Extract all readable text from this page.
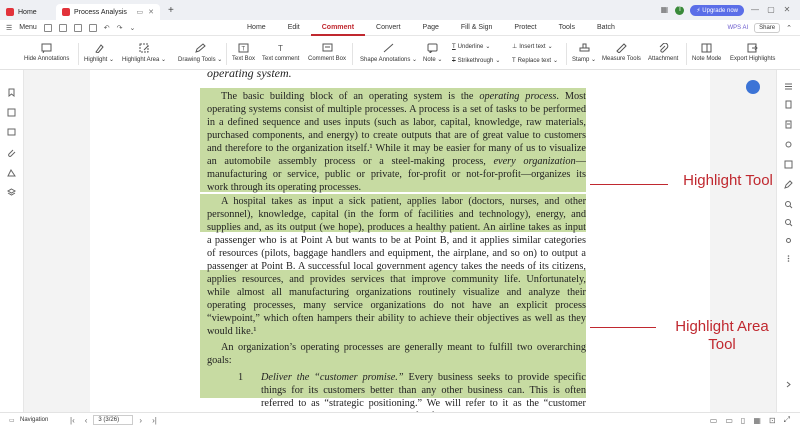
Home	Process Analysis	▭ ✕ +	▦	T	⚡ Upgrade now	— ▢ ✕
☰ Menu	↶ ↷ ⌄	Home	Edit	Comment	Convert	Page	Fill & Sign	Protect	Tools	Batch	WPS AI	Share	⌃
Hide Annotations Highlight ⌄ Highlight Area ⌄ Drawing Tools ⌄
T
Text Box
T
Text comment Comment Box Shape Annotations ⌄ Note ⌄
T Underline ⌄
T Strikethrough ⌄
⊥ Insert text ⌄
T Replace text ⌄ Stamp ⌄ Measure Tools Attachment Note Mode Export Highlights
operating system.
The basic building block of an operating system is the operating process. Most
operating systems consist of multiple processes. A process is a set of tasks to be performed
in a defined sequence and uses inputs (such as labor, capital, knowledge, raw materials,
purchased components, and energy) to create outputs that are of great value to customers
and therefore to the organization itself.¹ While it may be easier for many of us to visualize
an automobile assembly process or a steel-making process, every organization—
manufacturing or service, public or private, for-profit or not-for-profit—organizes its
work through its operating processes.
A hospital takes as input a sick patient, applies labor (doctors, nurses, and other
personnel), knowledge, capital (in the form of facilities and technology), energy, and
supplies and, as its output (we hope), produces a healthy patient. An airline takes as input
a passenger who is at Point A but wants to be at Point B, and it applies similar categories
of resources (pilots, baggage handlers and equipment, the airplane, and so on) to output a
passenger at Point B. A successful local government agency takes the needs of its citizens,
applies resources, and provides services that improve community life. Unfortunately,
while almost all manufacturing organizations routinely visualize and analyze their
operating processes, many service organizations do not have an explicit process
“viewpoint,” which often hampers their ability to achieve their objectives as well as they
would like.¹
An organization’s operating processes are generally meant to fulfill two overarching
goals:
Deliver the “customer promise.” Every business seeks to provide specific
things for its customers better than any other business can. This is often
referred to as “strategic positioning.” We will refer to it as the “customer
1
Highlight Tool
Highlight Area
Tool
▭ Navigation	|‹ ‹	3 (3/26)	› ›|	▭ ▭ ▯ ▦ ⊡ ⤢
